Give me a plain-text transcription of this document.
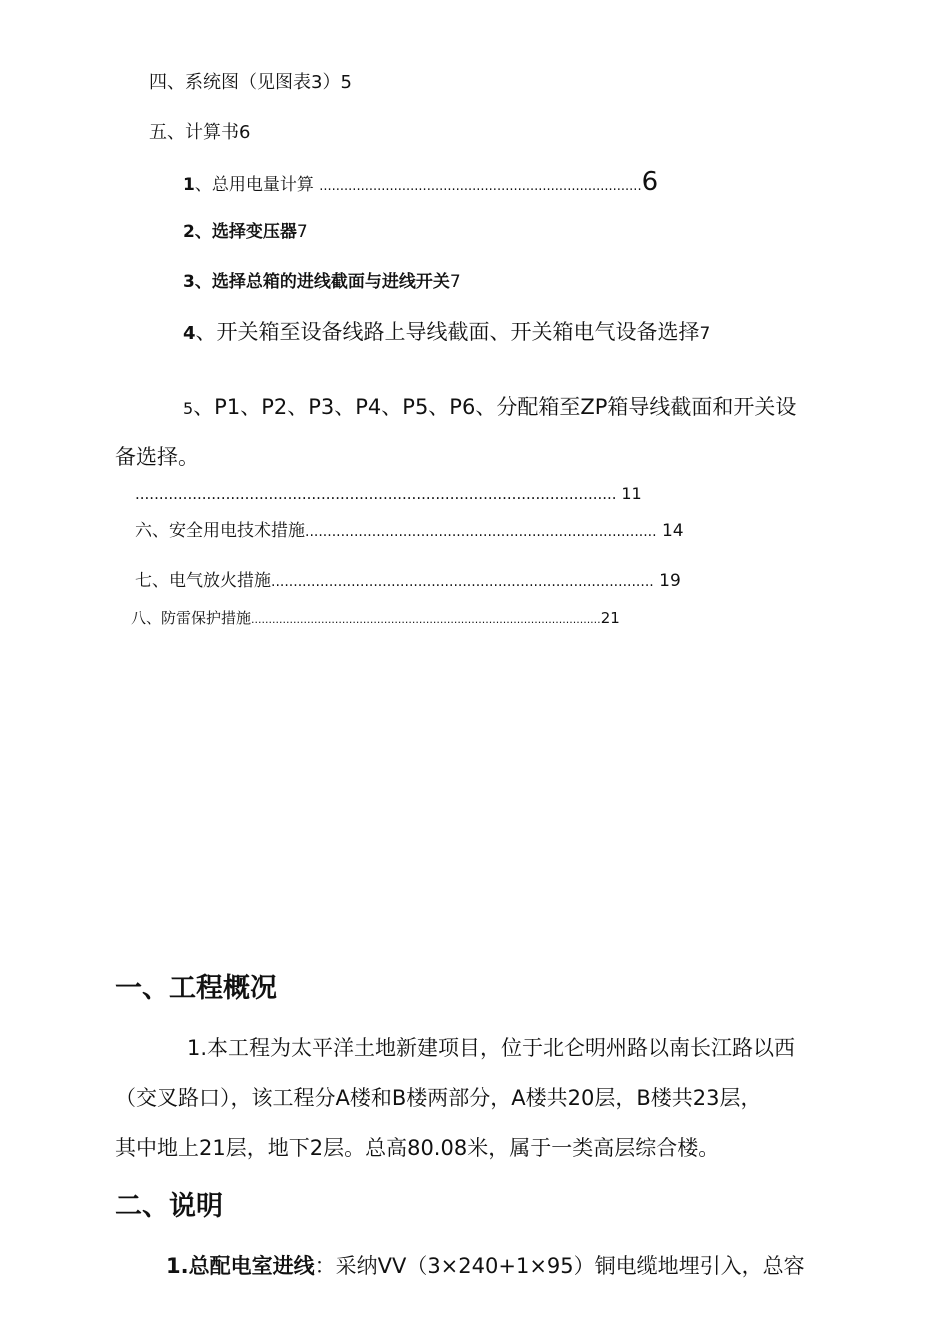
四、系统图（见图表3）5
五、计算书6
1、总用电量计算 ..............................................................................6
2、选择变压器7
3、选择总箱的进线截面与进线开关7
4、开关箱至设备线路上导线截面、开关箱电气设备选择7
5、P1、P2、P3、P4、P5、P6、分配箱至ZP箱导线截面和开关设
备选择。
..................................................................................................... 11
六、安全用电技术措施............................................................................... 14
七、电气放火措施...................................................................................... 19
八、防雷保护措施....................................................................................................21
一、工程概况
1.本工程为太平洋土地新建项目，位于北仑明州路以南长江路以西
（交叉路口），该工程分A楼和B楼两部分，A楼共20层，B楼共23层，
其中地上21层，地下2层。总高80.08米，属于一类高层综合楼。
二、说明
1.总配电室进线：采纳VV（3×240+1×95）铜电缆地埋引入，总容
